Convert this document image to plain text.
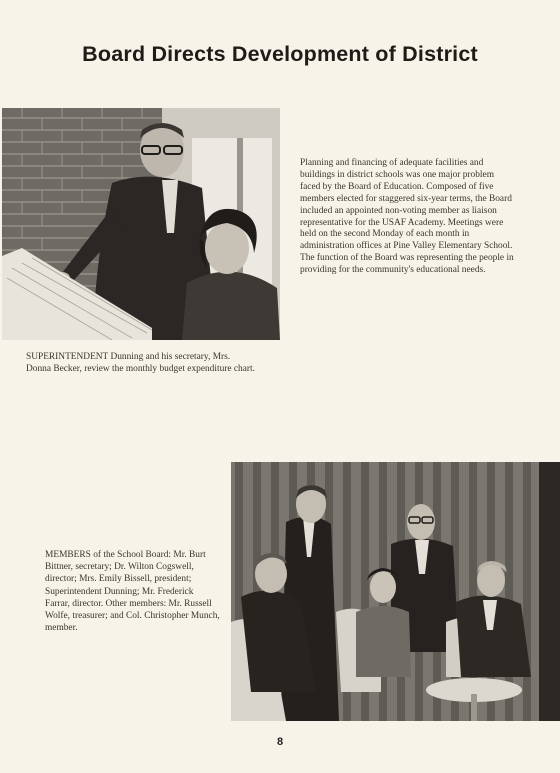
Board Directs Development of District
Planning and financing of adequate facilities and buildings in district schools was one major problem faced by the Board of Education. Composed of five members elected for staggered six-year terms, the Board included an appointed non-voting member as liaison representative for the USAF Academy. Meetings were held on the second Monday of each month in administration offices at Pine Valley Elementary School. The function of the Board was representing the people in providing for the community's educational needs.

SUPERINTENDENT Dunning and his secretary, Mrs. Donna Becker, review the monthly budget expenditure chart.

MEMBERS of the School Board: Mr. Burt Bittner, secretary; Dr. Wilton Cogswell, director; Mrs. Emily Bissell, president; Superintendent Dunning; Mr. Frederick Farrar, director. Other members: Mr. Russell Wolfe, treasurer; and Col. Christopher Munch, member.

8
